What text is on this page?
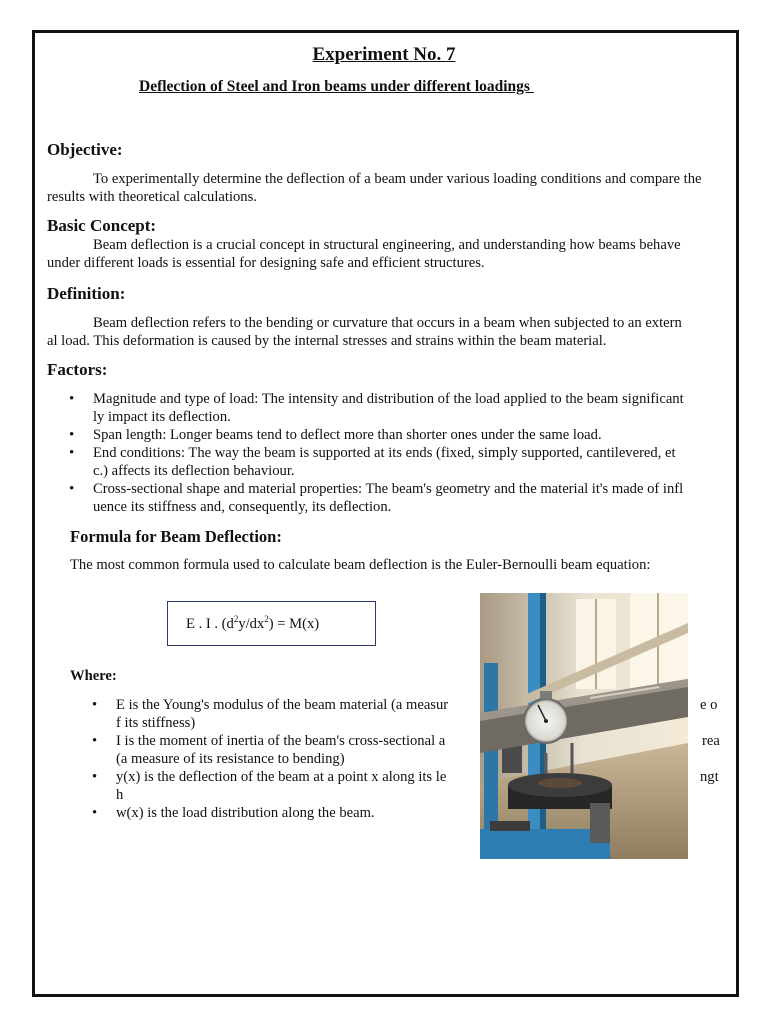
Experiment No. 7
Deflection of Steel and Iron beams under different loadings
Objective:

To experimentally determine the deflection of a beam under various loading conditions and compare the results with theoretical calculations.

Basic Concept:

Beam deflection is a crucial concept in structural engineering, and understanding how beams behave under different loads is essential for designing safe and efficient structures.

Definition:

Beam deflection refers to the bending or curvature that occurs in a beam when subjected to an extern
al load. This deformation is caused by the internal stresses and strains within the beam material.

Factors:
• Magnitude and type of load: The intensity and distribution of the load applied to the beam significant
ly impact its deflection.
• Span length: Longer beams tend to deflect more than shorter ones under the same load.
• End conditions: The way the beam is supported at its ends (fixed, simply supported, cantilevered, et
c.) affects its deflection behaviour.
• Cross-sectional shape and material properties: The beam's geometry and the material it's made of infl
uence its stiffness and, consequently, its deflection.
Formula for Beam Deflection:

The most common formula used to calculate beam deflection is the Euler-Bernoulli beam equation:

E . I . $(d^2y/dx^2) = M(x)$
Where:
• E is the Young's modulus of the beam material (a measur	e o
f its stiffness)
• I is the moment of inertia of the beam's cross-sectional a	rea
(a measure of its resistance to bending)
• y(x) is the deflection of the beam at a point x along its le	ngt
h
• w(x) is the load distribution along the beam.
